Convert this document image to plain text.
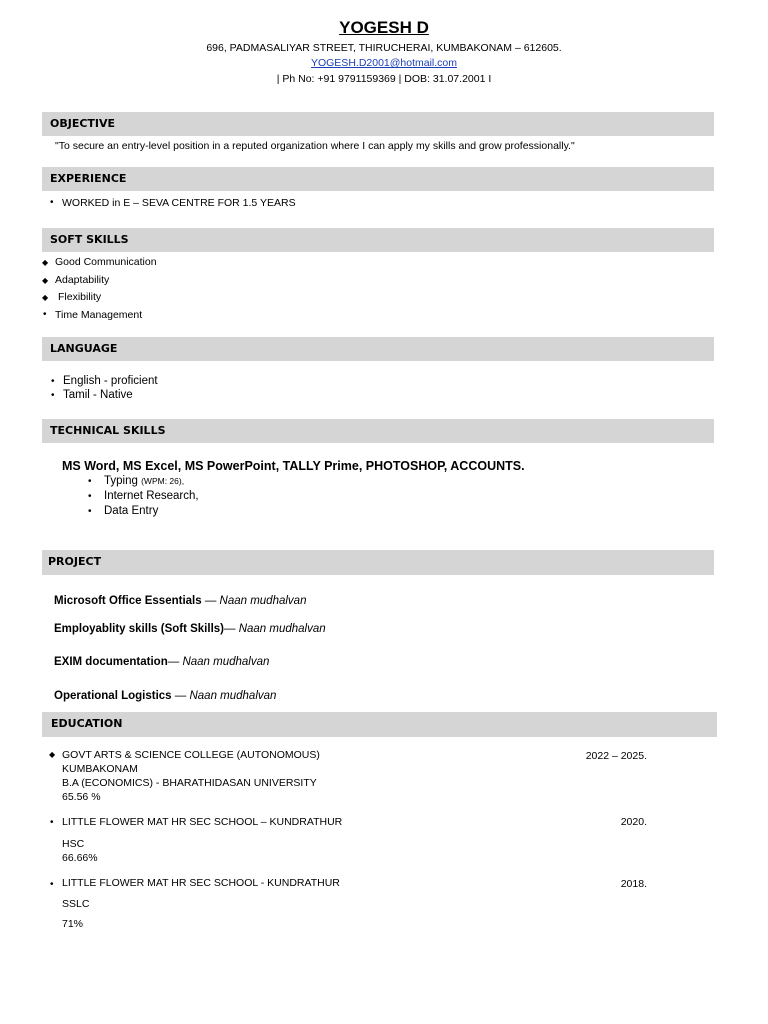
YOGESH D
696, PADMASALIYAR STREET, THIRUCHERAI, KUMBAKONAM – 612605.
YOGESH.D2001@hotmail.com
| Ph No: +91 9791159369 | DOB: 31.07.2001 I
OBJECTIVE
"To secure an entry-level position in a reputed organization where I can apply my skills and grow professionally."
EXPERIENCE
• WORKED in E – SEVA CENTRE FOR 1.5 YEARS
SOFT SKILLS
◆ Good Communication
◆ Adaptability
◆ Flexibility
• Time Management
LANGUAGE
• English - proficient
• Tamil - Native
TECHNICAL SKILLS
MS Word, MS Excel, MS PowerPoint, TALLY Prime, PHOTOSHOP, ACCOUNTS.
• Typing (WPM: 26),
• Internet Research,
• Data Entry
PROJECT
Microsoft Office Essentials — Naan mudhalvan
Employablity skills (Soft Skills)— Naan mudhalvan
EXIM documentation— Naan mudhalvan
Operational Logistics — Naan mudhalvan
EDUCATION
◆ GOVT ARTS & SCIENCE COLLEGE (AUTONOMOUS)
KUMBAKONAM
B.A (ECONOMICS) - BHARATHIDASAN UNIVERSITY
65.56 %
2022 – 2025.
• LITTLE FLOWER MAT HR SEC SCHOOL – KUNDRATHUR
HSC
66.66%
2020.
• LITTLE FLOWER MAT HR SEC SCHOOL - KUNDRATHUR
SSLC
71%
2018.
